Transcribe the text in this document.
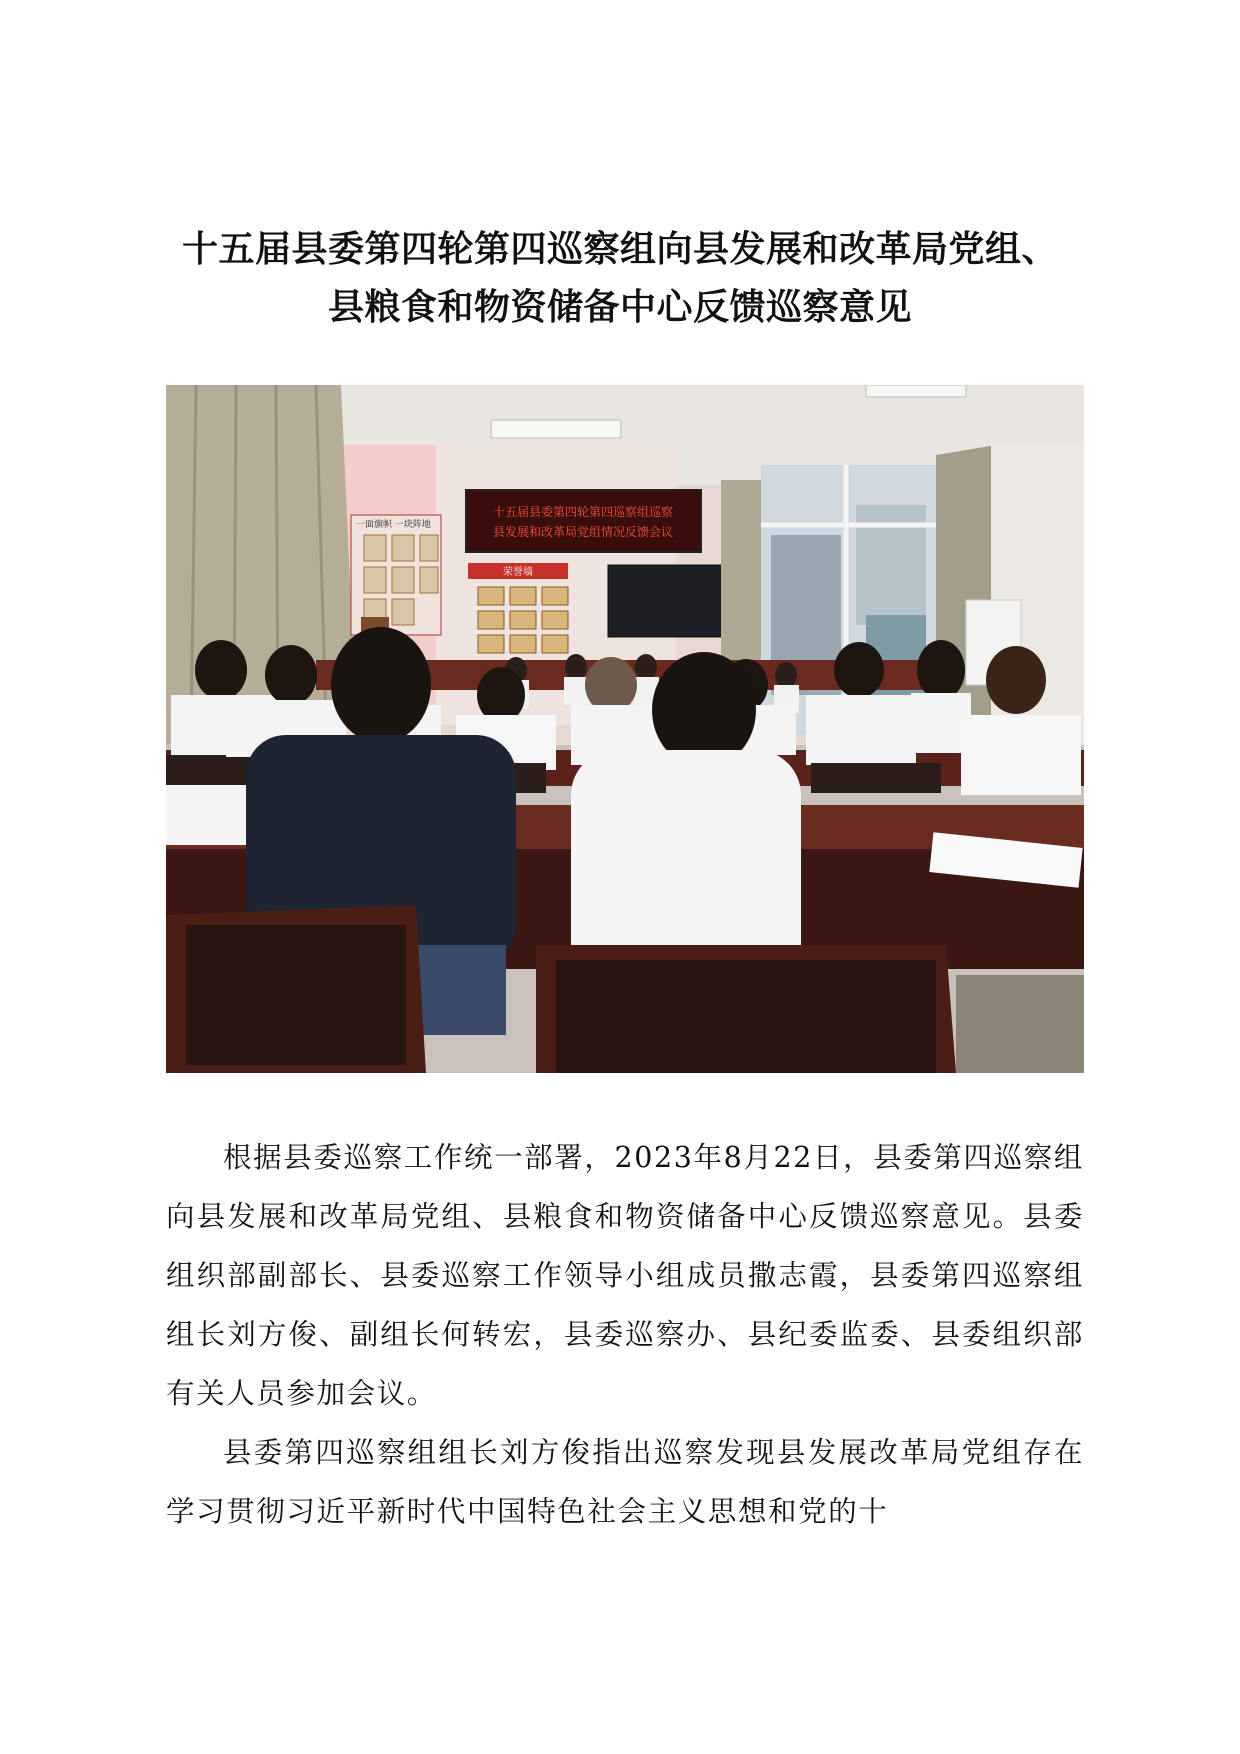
十五届县委第四轮第四巡察组向县发展和改革局党组、
县粮食和物资储备中心反馈巡察意见
一面旗帜 一块阵地
十五届县委第四轮第四巡察组巡察
县发展和改革局党组情况反馈会议
荣誉墙

根据县委巡察工作统一部署，2023年8月22日，县委第四巡察组向县发展和改革局党组、县粮食和物资储备中心反馈巡察意见。县委组织部副部长、县委巡察工作领导小组成员撒志霞，县委第四巡察组组长刘方俊、副组长何转宏，县委巡察办、县纪委监委、县委组织部有关人员参加会议。

县委第四巡察组组长刘方俊指出巡察发现县发展改革局党组存在学习贯彻习近平新时代中国特色社会主义思想和党的十
